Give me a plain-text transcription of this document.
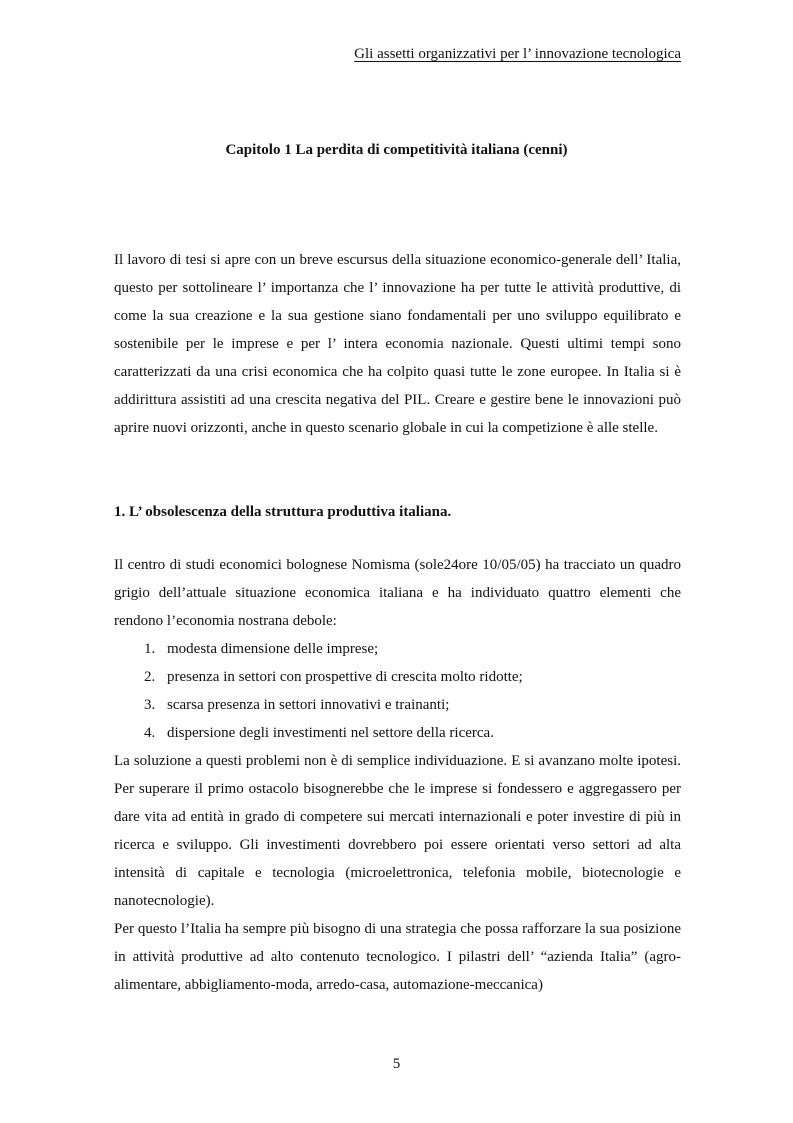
Gli assetti organizzativi per l’ innovazione tecnologica
Capitolo 1 La perdita di competitività italiana (cenni)

Il lavoro di tesi si apre con un breve escursus della situazione economico-generale dell’ Italia, questo per sottolineare l’ importanza che l’ innovazione ha per tutte le attività produttive, di come la sua creazione e la sua gestione siano fondamentali per uno sviluppo equilibrato e sostenibile per le imprese e per l’ intera economia nazionale. Questi ultimi tempi sono caratterizzati da una crisi economica che ha colpito quasi tutte le zone europee. In Italia si è addirittura assistiti ad una crescita negativa del PIL. Creare e gestire bene le innovazioni può aprire nuovi orizzonti, anche in questo scenario globale in cui la competizione è alle stelle.

1. L’ obsolescenza della struttura produttiva italiana.

Il centro di studi economici bolognese Nomisma (sole24ore 10/05/05) ha tracciato un quadro grigio dell’attuale situazione economica italiana e ha individuato quattro elementi che rendono l’economia nostrana debole:

1. modesta dimensione delle imprese;
2. presenza in settori con prospettive di crescita molto ridotte;
3. scarsa presenza in settori innovativi e trainanti;
4. dispersione degli investimenti nel settore della ricerca.

La soluzione a questi problemi non è di semplice individuazione. E si avanzano molte ipotesi. Per superare il primo ostacolo bisognerebbe che le imprese si fondessero e aggregassero per dare vita ad entità in grado di competere sui mercati internazionali e poter investire di più in ricerca e sviluppo. Gli investimenti dovrebbero poi essere orientati verso settori ad alta intensità di capitale e tecnologia (microelettronica, telefonia mobile, biotecnologie e nanotecnologie).

Per questo l’Italia ha sempre più bisogno di una strategia che possa rafforzare la sua posizione in attività produttive ad alto contenuto tecnologico. I pilastri dell’ “azienda Italia” (agro-alimentare, abbigliamento-moda, arredo-casa, automazione-meccanica)

5
